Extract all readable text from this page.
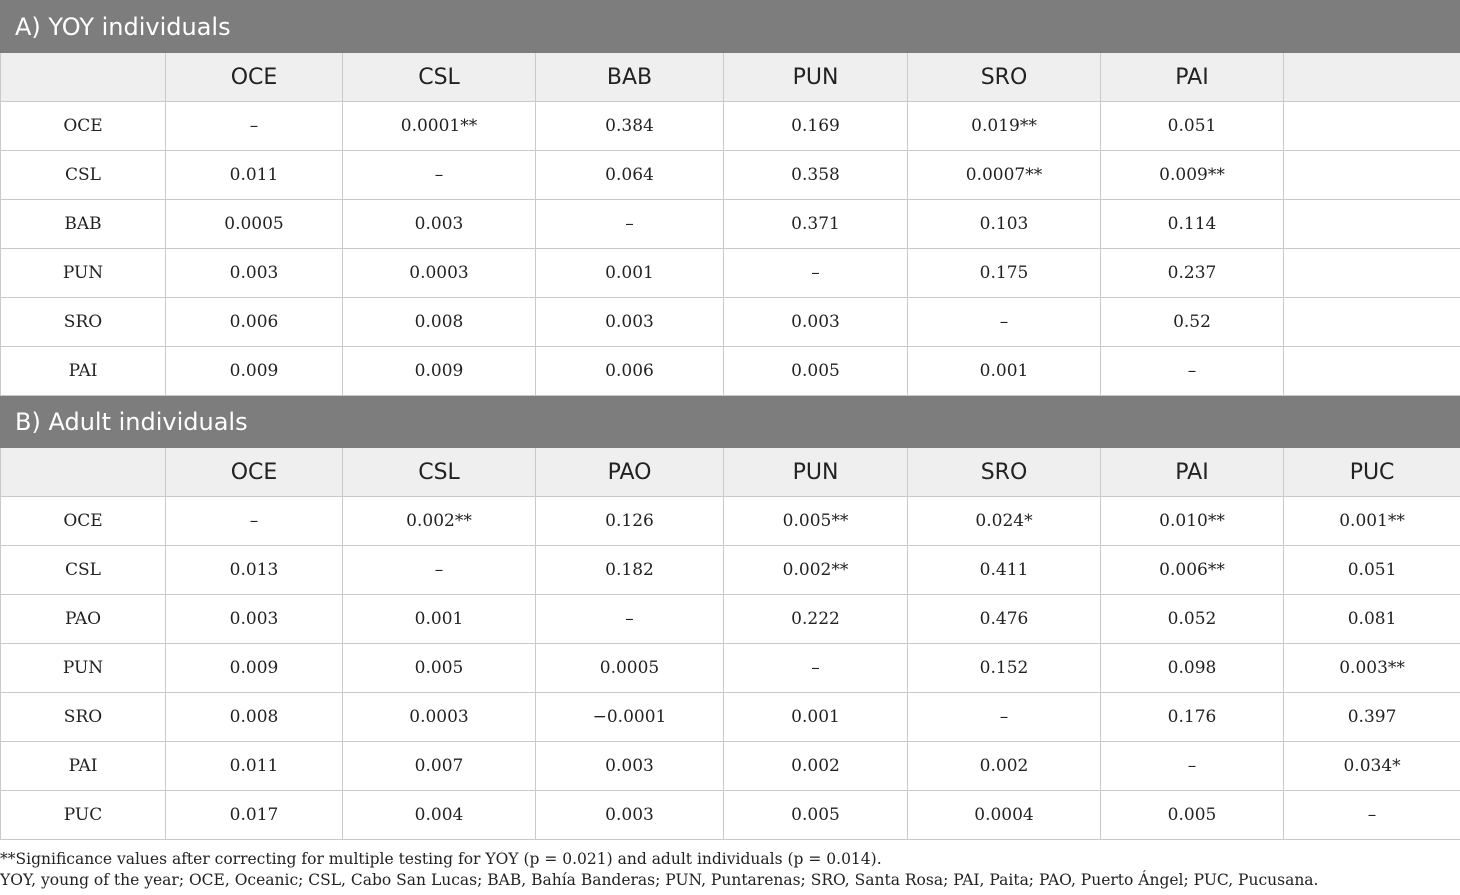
A) YOY individuals							
	OCE	CSL	BAB	PUN	SRO	PAI	
OCE	–	0.0001**	0.384	0.169	0.019**	0.051	
CSL	0.011	–	0.064	0.358	0.0007**	0.009**	
BAB	0.0005	0.003	–	0.371	0.103	0.114	
PUN	0.003	0.0003	0.001	–	0.175	0.237	
SRO	0.006	0.008	0.003	0.003	–	0.52	
PAI	0.009	0.009	0.006	0.005	0.001	–	
B) Adult individuals							
	OCE	CSL	PAO	PUN	SRO	PAI	PUC
OCE	–	0.002**	0.126	0.005**	0.024*	0.010**	0.001**
CSL	0.013	–	0.182	0.002**	0.411	0.006**	0.051
PAO	0.003	0.001	–	0.222	0.476	0.052	0.081
PUN	0.009	0.005	0.0005	–	0.152	0.098	0.003**
SRO	0.008	0.0003	−0.0001	0.001	–	0.176	0.397
PAI	0.011	0.007	0.003	0.002	0.002	–	0.034*
PUC	0.017	0.004	0.003	0.005	0.0004	0.005	–
**Significance values after correcting for multiple testing for YOY (p = 0.021) and adult individuals (p = 0.014).
YOY, young of the year; OCE, Oceanic; CSL, Cabo San Lucas; BAB, Bahía Banderas; PUN, Puntarenas; SRO, Santa Rosa; PAI, Paita; PAO, Puerto Ángel; PUC, Pucusana.
